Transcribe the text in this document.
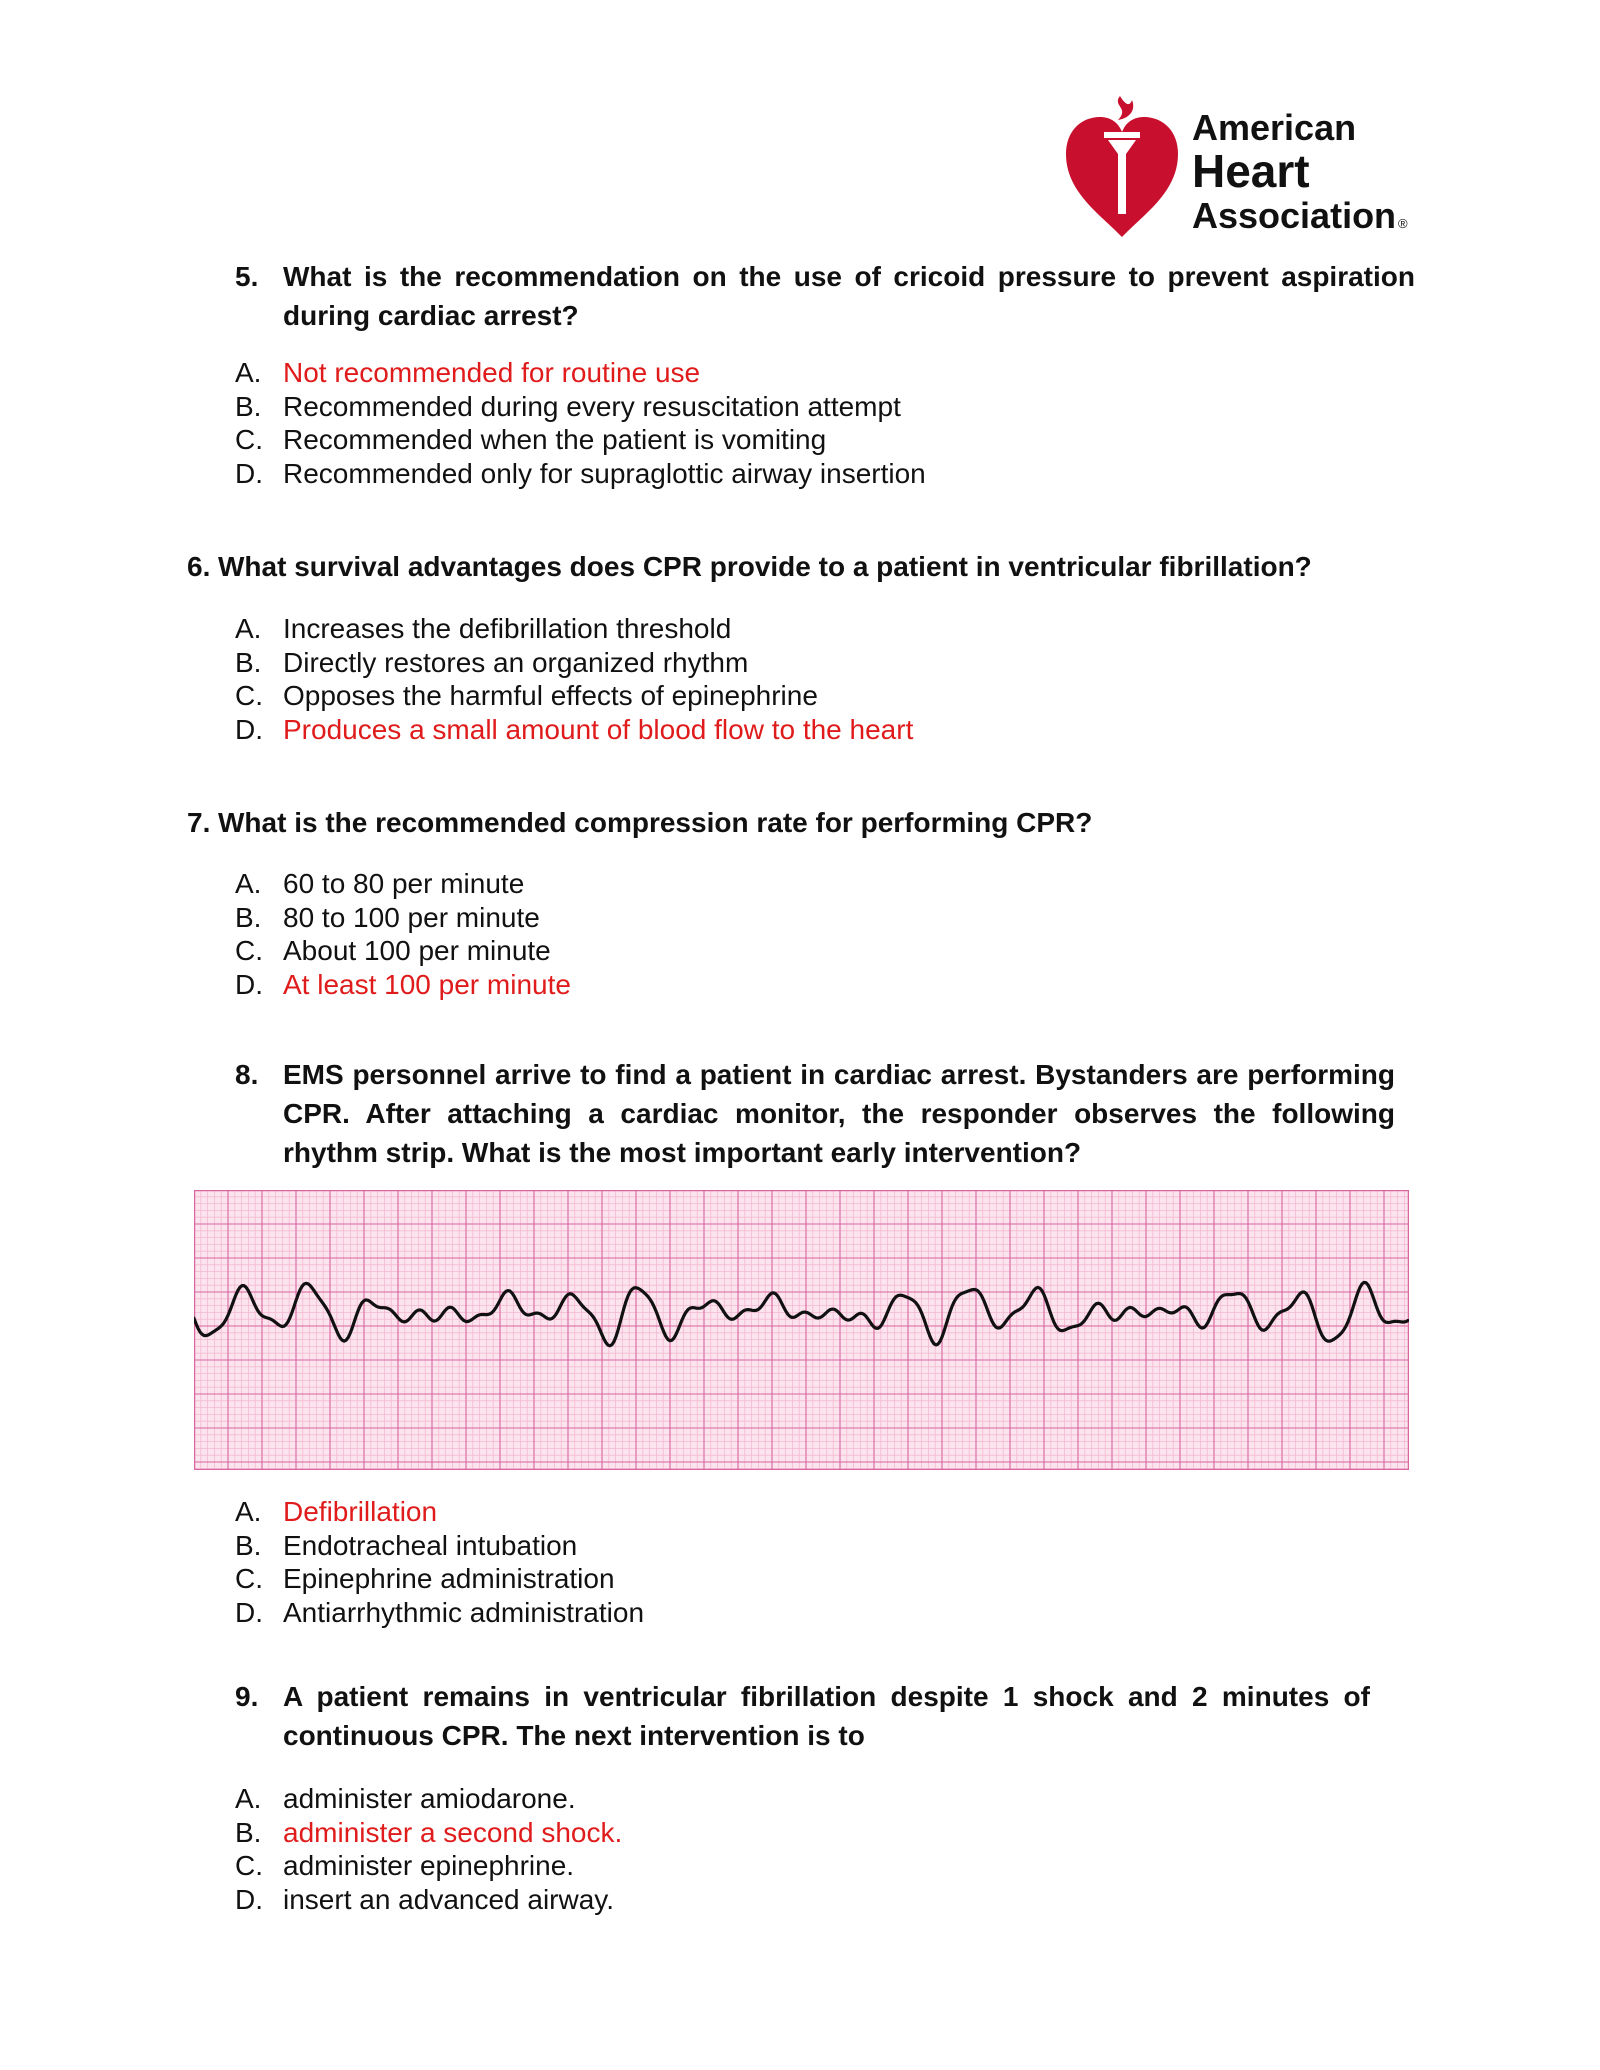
American
Heart
Association ®
5. What is the recommendation on the use of cricoid pressure to prevent aspiration during cardiac arrest?
A. Not recommended for routine use
B. Recommended during every resuscitation attempt
C. Recommended when the patient is vomiting
D. Recommended only for supraglottic airway insertion
6. What survival advantages does CPR provide to a patient in ventricular fibrillation?
A. Increases the defibrillation threshold
B. Directly restores an organized rhythm
C. Opposes the harmful effects of epinephrine
D. Produces a small amount of blood flow to the heart
7. What is the recommended compression rate for performing CPR?
A. 60 to 80 per minute
B. 80 to 100 per minute
C. About 100 per minute
D. At least 100 per minute
8. EMS personnel arrive to find a patient in cardiac arrest. Bystanders are performing CPR. After attaching a cardiac monitor, the responder observes the following rhythm strip. What is the most important early intervention?
A. Defibrillation
B. Endotracheal intubation
C. Epinephrine administration
D. Antiarrhythmic administration
9. A patient remains in ventricular fibrillation despite 1 shock and 2 minutes of continuous CPR. The next intervention is to
A. administer amiodarone.
B. administer a second shock.
C. administer epinephrine.
D. insert an advanced airway.
